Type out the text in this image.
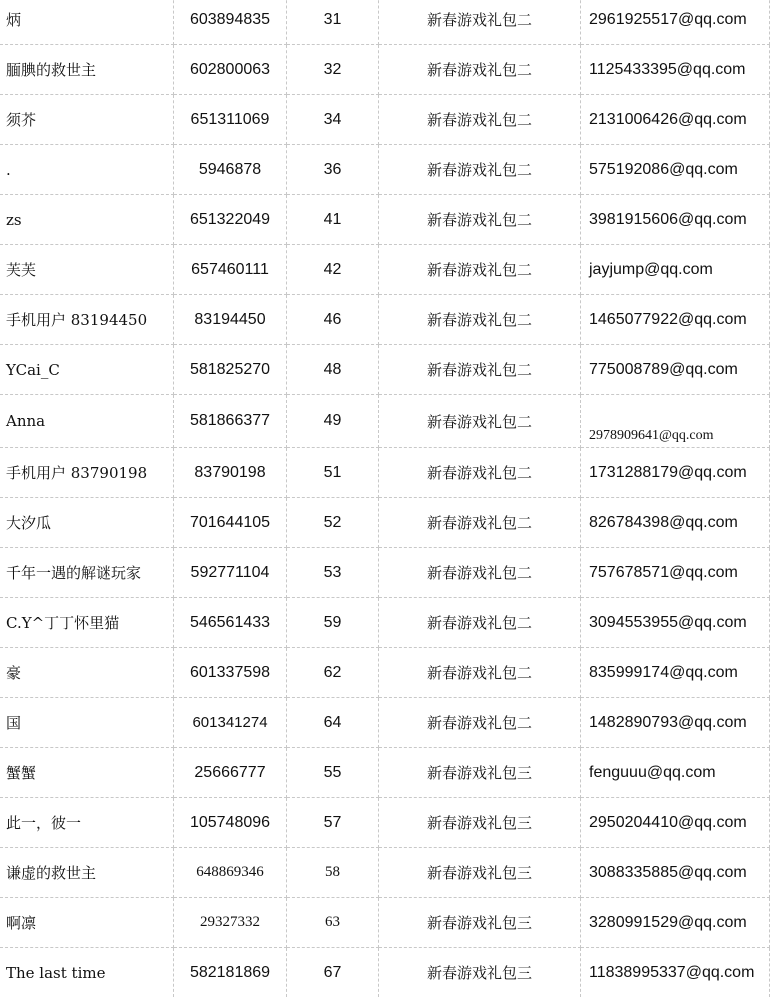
炳	603894835	31	新春游戏礼包二	2961925517@qq.com
腼腆的救世主	602800063	32	新春游戏礼包二	1125433395@qq.com
须芥	651311069	34	新春游戏礼包二	2131006426@qq.com
.	5946878	36	新春游戏礼包二	575192086@qq.com
zs	651322049	41	新春游戏礼包二	3981915606@qq.com
芙芙	657460111	42	新春游戏礼包二	jayjump@qq.com
手机用户 83194450	83194450	46	新春游戏礼包二	1465077922@qq.com
YCai_C	581825270	48	新春游戏礼包二	775008789@qq.com
Anna	581866377	49	新春游戏礼包二	2978909641@qq.com
手机用户 83790198	83790198	51	新春游戏礼包二	1731288179@qq.com
大汐瓜	701644105	52	新春游戏礼包二	826784398@qq.com
千年一遇的解谜玩家	592771104	53	新春游戏礼包二	757678571@qq.com
C.Y^丁丁怀里猫	546561433	59	新春游戏礼包二	3094553955@qq.com
豪	601337598	62	新春游戏礼包二	835999174@qq.com
国	601341274	64	新春游戏礼包二	1482890793@qq.com
蟹蟹	25666777	55	新春游戏礼包三	fenguuu@qq.com
此一，彼一	105748096	57	新春游戏礼包三	2950204410@qq.com
谦虚的救世主	648869346	58	新春游戏礼包三	3088335885@qq.com
啊凛	29327332	63	新春游戏礼包三	3280991529@qq.com
The last time	582181869	67	新春游戏礼包三	11838995337@qq.com
